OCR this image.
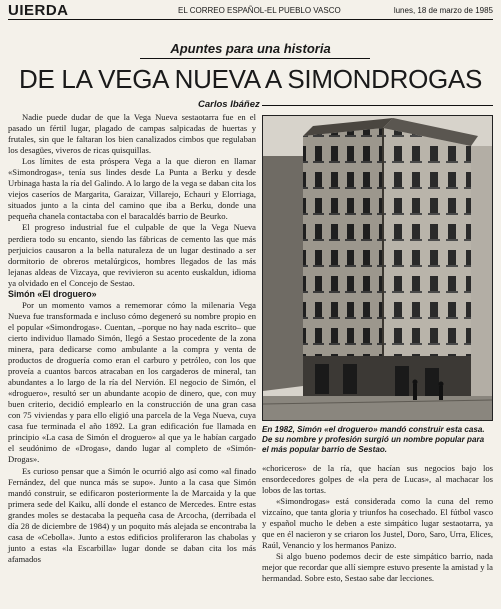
UIERDA	EL CORREO ESPAÑOL-EL PUEBLO VASCO	lunes, 18 de marzo de 1985
Apuntes para una historia
DE LA VEGA NUEVA A SIMONDROGAS
Carlos Ibáñez

Nadie puede dudar de que la Vega Nueva sestaotarra fue en el pasado un fértil lugar, plagado de campas salpicadas de huertas y frutales, sin que le faltaran los bien canalizados cimbos que regulaban los desagües, viveros de ricas quisquillas.

Los límites de esta próspera Vega a la que dieron en llamar «Simondrogas», tenía sus lindes desde La Punta a Berku y desde Urbinaga hasta la ría del Galindo. A lo largo de la vega se daban cita los viejos caseríos de Margarita, Garaizar, Villarejo, Echauri y Elorriaga, situados junto a la cinta del camino que iba a Berku, donde una pequeña chanela contactaba con el baracaldés barrio de Beurko.

El progreso industrial fue el culpable de que la Vega Nueva perdiera todo su encanto, siendo las fábricas de cemento las que más perjuicios causaron a la bella naturaleza de un lugar destinado a ser dormitorio de obreros metalúrgicos, hombres llegados de las más lejanas aldeas de Vizcaya, que revivieron su acento euskaldun, idioma ya olvidado en el Concejo de Sestao.

Simón «El droguero»

Por un momento vamos a rememorar cómo la milenaria Vega Nueva fue transformada e incluso cómo degeneró su nombre propio en el popular «Simondrogas». Cuentan, –porque no hay nada escrito– que cierto individuo llamado Simón, llegó a Sestao procedente de la zona minera, para dedicarse como ambulante a la compra y venta de productos de droguería como eran el carburo y petróleo, con los que proveía a cuantos barcos atracaban en los cargaderos de mineral, tan abundantes a lo largo de la ría del Nervión. El negocio de Simón, el «droguero», resultó ser un abundante acopio de dinero, que, con muy buen criterio, decidió emplearlo en la construcción de una gran casa con 75 viviendas y para ello eligió una parcela de la Vega Nueva, cuya casa fue terminada el año 1892. La gran edificación fue llamada en principio «La casa de Simón el droguero» al que ya le habían cargado el seudónimo de «Drogas», dando lugar al completo de «Simón-Drogas».

Es curioso pensar que a Simón le ocurrió algo así como «al finado Fernández, del que nunca más se supo». Junto a la casa que Simón mandó construir, se edificaron posteriormente la de Marcaida y la que primera sede del Kaiku, allí donde el estanco de Mercedes. Entre estas grandes moles se destacaba la pequeña casa de Arcocha, (derribada el día 28 de diciembre de 1984) y un poquito más alejada se encontraba la casa de «Cebolla». Junto a estos edificios proliferaron las chabolas y junto a estas «la Escarbilla» lugar donde se daban cita los más afamados

En 1982, Simón «el droguero» mandó construir esta casa. De su nombre y profesión surgió un nombre popular para el más popular barrio de Sestao.

«choriceros» de la ría, que hacían sus negocios bajo los ensordecedores golpes de «la pera de Lucas», al machacar los lobos de las tortas.

«Simondrogas» está considerada como la cuna del remo vizcaíno, que tanta gloria y triunfos ha cosechado. El fútbol vasco y español mucho le deben a este simpático lugar sestaotarra, ya que en él nacieron y se criaron los Justel, Doro, Saro, Urra, Elices, Raúl, Venancio y los hermanos Panizo.

Si algo bueno podemos decir de este simpático barrio, nada mejor que recordar que allí siempre estuvo presente la amistad y la hermandad. Sobre esto, Sestao sabe dar lecciones.
